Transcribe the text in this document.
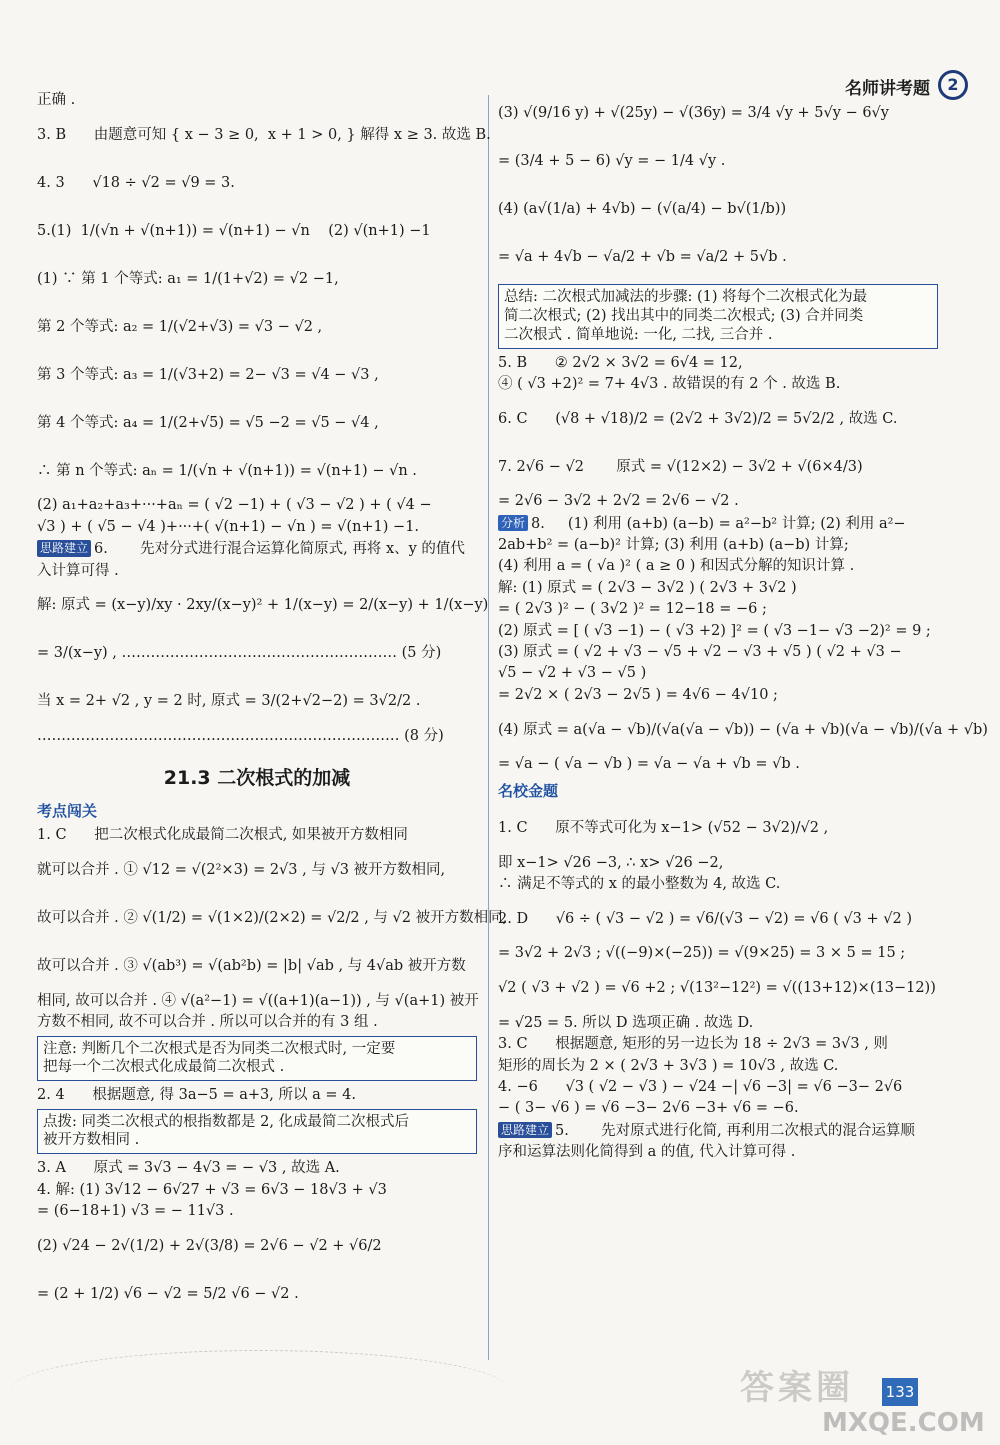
名师讲考题	2
正确 .
3. B      由题意可知 { x − 3 ≥ 0,  x + 1 > 0, } 解得 x ≥ 3. 故选 B.
4. 3      √18 ÷ √2 = √9 = 3.
5.(1)  1/(√n + √(n+1)) = √(n+1) − √n    (2) √(n+1) −1
(1) ∵ 第 1 个等式: a₁ = 1/(1+√2) = √2 −1,
第 2 个等式: a₂ = 1/(√2+√3) = √3 − √2 ,
第 3 个等式: a₃ = 1/(√3+2) = 2− √3 = √4 − √3 ,
第 4 个等式: a₄ = 1/(2+√5) = √5 −2 = √5 − √4 ,
∴ 第 n 个等式: aₙ = 1/(√n + √(n+1)) = √(n+1) − √n .
(2) a₁+a₂+a₃+···+aₙ = ( √2 −1) + ( √3 − √2 ) + ( √4 −
√3 ) + ( √5 − √4 )+···+( √(n+1) − √n ) = √(n+1) −1.
思路建立 6.       先对分式进行混合运算化简原式, 再将 x、y 的值代
入计算可得 .
解: 原式 = (x−y)/xy · 2xy/(x−y)² + 1/(x−y) = 2/(x−y) + 1/(x−y)
= 3/(x−y) , ………………………………………………… (5 分)
当 x = 2+ √2 , y = 2 时, 原式 = 3/(2+√2−2) = 3√2/2 .
………………………………………………………………… (8 分)
21.3 二次根式的加减
考点闯关
1. C      把二次根式化成最简二次根式, 如果被开方数相同
就可以合并 . ① √12 = √(2²×3) = 2√3 , 与 √3 被开方数相同,
故可以合并 . ② √(1/2) = √(1×2)/(2×2) = √2/2 , 与 √2 被开方数相同,
故可以合并 . ③ √(ab³) = √(ab²b) = |b| √ab , 与 4√ab 被开方数
相同, 故可以合并 . ④ √(a²−1) = √((a+1)(a−1)) , 与 √(a+1) 被开
方数不相同, 故不可以合并 . 所以可以合并的有 3 组 .
注意: 判断几个二次根式是否为同类二次根式时, 一定要
把每一个二次根式化成最简二次根式 .
2. 4      根据题意, 得 3a−5 = a+3, 所以 a = 4.
点拨: 同类二次根式的根指数都是 2, 化成最简二次根式后
被开方数相同 .
3. A      原式 = 3√3 − 4√3 = − √3 , 故选 A.
4. 解: (1) 3√12 − 6√27 + √3 = 6√3 − 18√3 + √3
= (6−18+1) √3 = − 11√3 .
(2) √24 − 2√(1/2) + 2√(3/8) = 2√6 − √2 + √6/2
= (2 + 1/2) √6 − √2 = 5/2 √6 − √2 .
(3) √(9/16 y) + √(25y) − √(36y) = 3/4 √y + 5√y − 6√y
= (3/4 + 5 − 6) √y = − 1/4 √y .
(4) (a√(1/a) + 4√b) − (√(a/4) − b√(1/b))
= √a + 4√b − √a/2 + √b = √a/2 + 5√b .
总结: 二次根式加减法的步骤: (1) 将每个二次根式化为最
简二次根式; (2) 找出其中的同类二次根式; (3) 合并同类
二次根式 . 简单地说: 一化, 二找, 三合并 .
5. B      ② 2√2 × 3√2 = 6√4 = 12,
④ ( √3 +2)² = 7+ 4√3 . 故错误的有 2 个 . 故选 B.
6. C      (√8 + √18)/2 = (2√2 + 3√2)/2 = 5√2/2 , 故选 C.
7. 2√6 − √2       原式 = √(12×2) − 3√2 + √(6×4/3)
= 2√6 − 3√2 + 2√2 = 2√6 − √2 .
分析 8.     (1) 利用 (a+b) (a−b) = a²−b² 计算; (2) 利用 a²−
2ab+b² = (a−b)² 计算; (3) 利用 (a+b) (a−b) 计算;
(4) 利用 a = ( √a )² ( a ≥ 0 ) 和因式分解的知识计算 .
解: (1) 原式 = ( 2√3 − 3√2 ) ( 2√3 + 3√2 )
= ( 2√3 )² − ( 3√2 )² = 12−18 = −6 ;
(2) 原式 = [ ( √3 −1) − ( √3 +2) ]² = ( √3 −1− √3 −2)² = 9 ;
(3) 原式 = ( √2 + √3 − √5 + √2 − √3 + √5 ) ( √2 + √3 −
√5 − √2 + √3 − √5 )
= 2√2 × ( 2√3 − 2√5 ) = 4√6 − 4√10 ;
(4) 原式 = a(√a − √b)/(√a(√a − √b)) − (√a + √b)(√a − √b)/(√a + √b)
= √a − ( √a − √b ) = √a − √a + √b = √b .
名校金题
1. C      原不等式可化为 x−1> (√52 − 3√2)/√2 ,
即 x−1> √26 −3, ∴ x> √26 −2,
∴ 满足不等式的 x 的最小整数为 4, 故选 C.
2. D      √6 ÷ ( √3 − √2 ) = √6/(√3 − √2) = √6 ( √3 + √2 )
= 3√2 + 2√3 ; √((−9)×(−25)) = √(9×25) = 3 × 5 = 15 ;
√2 ( √3 + √2 ) = √6 +2 ; √(13²−12²) = √((13+12)×(13−12))
= √25 = 5. 所以 D 选项正确 . 故选 D.
3. C      根据题意, 矩形的另一边长为 18 ÷ 2√3 = 3√3 , 则
矩形的周长为 2 × ( 2√3 + 3√3 ) = 10√3 , 故选 C.
4. −6      √3 ( √2 − √3 ) − √24 −| √6 −3| = √6 −3− 2√6
− ( 3− √6 ) = √6 −3− 2√6 −3+ √6 = −6.
思路建立 5.       先对原式进行化简, 再利用二次根式的混合运算顺
序和运算法则化简得到 a 的值, 代入计算可得 .
答案圈
MXQE.COM
133
